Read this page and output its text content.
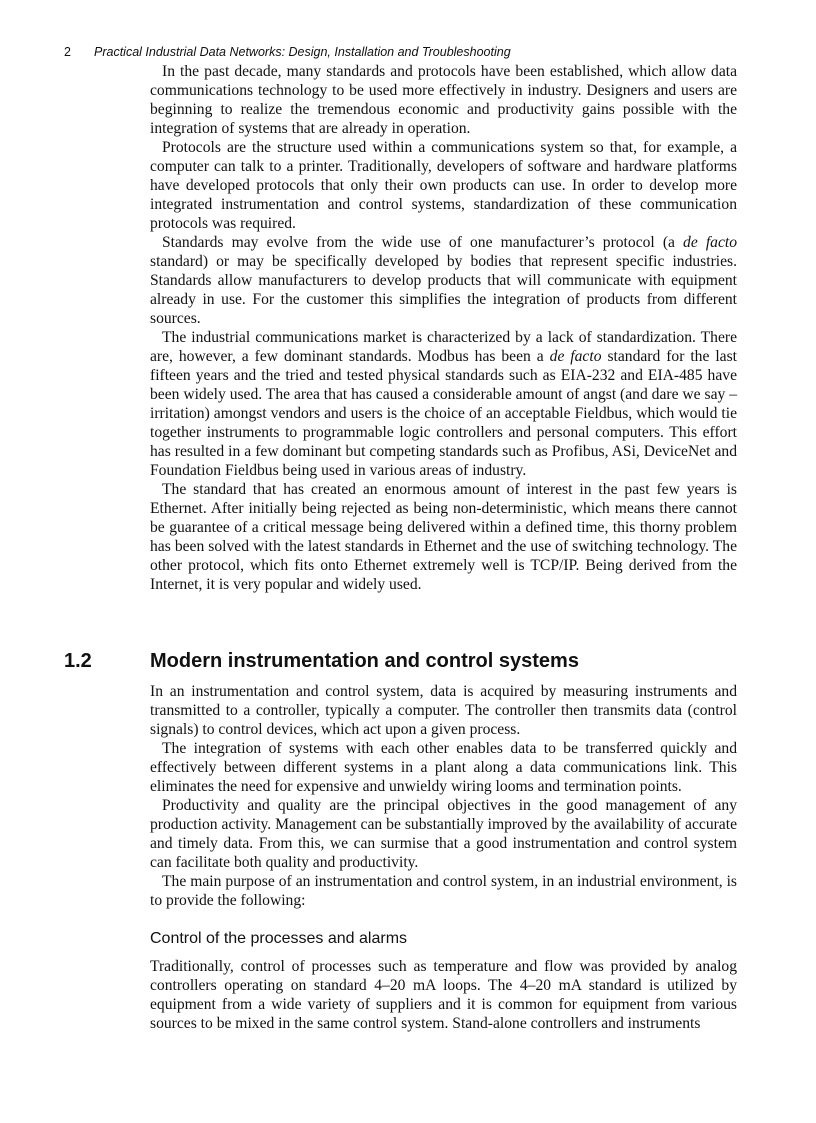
2 Practical Industrial Data Networks: Design, Installation and Troubleshooting

In the past decade, many standards and protocols have been established, which allow data communications technology to be used more effectively in industry. Designers and users are beginning to realize the tremendous economic and productivity gains possible with the integration of systems that are already in operation.

Protocols are the structure used within a communications system so that, for example, a computer can talk to a printer. Traditionally, developers of software and hardware platforms have developed protocols that only their own products can use. In order to develop more integrated instrumentation and control systems, standardization of these communication protocols was required.

Standards may evolve from the wide use of one manufacturer’s protocol (a de facto standard) or may be specifically developed by bodies that represent specific industries. Standards allow manufacturers to develop products that will communicate with equipment already in use. For the customer this simplifies the integration of products from different sources.

The industrial communications market is characterized by a lack of standardization. There are, however, a few dominant standards. Modbus has been a de facto standard for the last fifteen years and the tried and tested physical standards such as EIA-232 and EIA-485 have been widely used. The area that has caused a considerable amount of angst (and dare we say – irritation) amongst vendors and users is the choice of an acceptable Fieldbus, which would tie together instruments to programmable logic controllers and personal computers. This effort has resulted in a few dominant but competing standards such as Profibus, ASi, DeviceNet and Foundation Fieldbus being used in various areas of industry.

The standard that has created an enormous amount of interest in the past few years is Ethernet. After initially being rejected as being non-deterministic, which means there cannot be guarantee of a critical message being delivered within a defined time, this thorny problem has been solved with the latest standards in Ethernet and the use of switching technology. The other protocol, which fits onto Ethernet extremely well is TCP/IP. Being derived from the Internet, it is very popular and widely used.

1.2	Modern instrumentation and control systems

In an instrumentation and control system, data is acquired by measuring instruments and transmitted to a controller, typically a computer. The controller then transmits data (control signals) to control devices, which act upon a given process.

The integration of systems with each other enables data to be transferred quickly and effectively between different systems in a plant along a data communications link. This eliminates the need for expensive and unwieldy wiring looms and termination points.

Productivity and quality are the principal objectives in the good management of any production activity. Management can be substantially improved by the availability of accurate and timely data. From this, we can surmise that a good instrumentation and control system can facilitate both quality and productivity.

The main purpose of an instrumentation and control system, in an industrial environment, is to provide the following:

Control of the processes and alarms

Traditionally, control of processes such as temperature and flow was provided by analog controllers operating on standard 4–20 mA loops. The 4–20 mA standard is utilized by equipment from a wide variety of suppliers and it is common for equipment from various sources to be mixed in the same control system. Stand-alone controllers and instruments
